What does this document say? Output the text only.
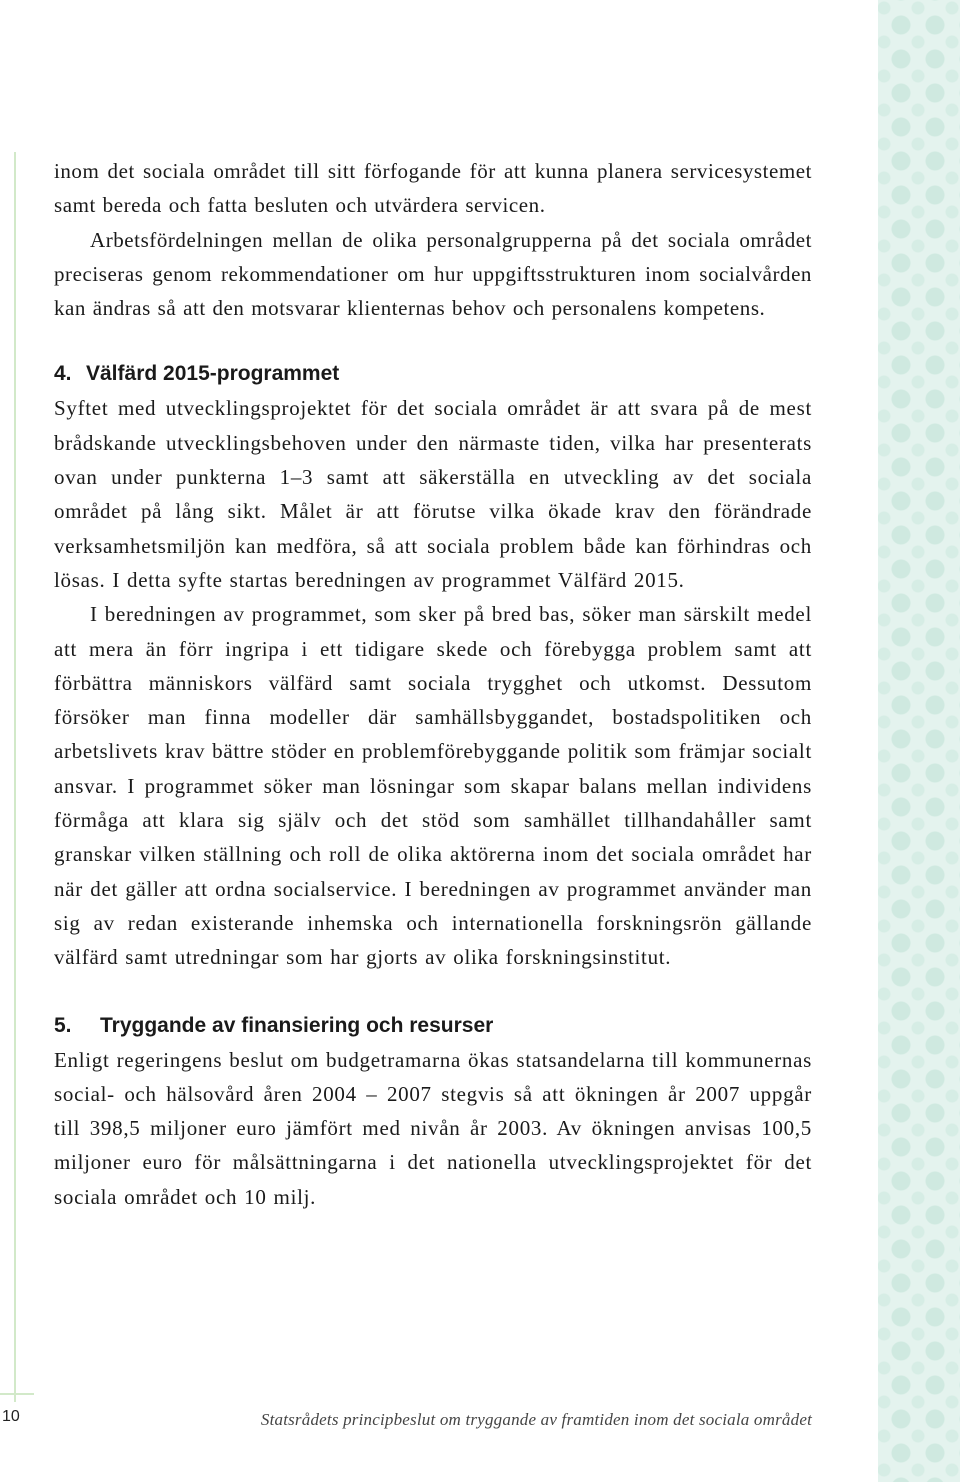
inom det sociala området till sitt förfogande för att kunna planera servicesystemet samt bereda och fatta besluten och utvärdera servicen.

Arbetsfördelningen mellan de olika personalgrupperna på det sociala området preciseras genom rekommendationer om hur uppgiftsstrukturen inom socialvården kan ändras så att den motsvarar klienternas behov och personalens kompetens.

4. Välfärd 2015-programmet

Syftet med utvecklingsprojektet för det sociala området är att svara på de mest brådskande utvecklingsbehoven under den närmaste tiden, vilka har presenterats ovan under punkterna 1–3 samt att säkerställa en utveckling av det sociala området på lång sikt. Målet är att förutse vilka ökade krav den förändrade verksamhetsmiljön kan medföra, så att sociala problem både kan förhindras och lösas. I detta syfte startas beredningen av programmet Välfärd 2015.

I beredningen av programmet, som sker på bred bas, söker man särskilt medel att mera än förr ingripa i ett tidigare skede och förebygga problem samt att förbättra människors välfärd samt sociala trygghet och utkomst. Dessutom försöker man finna modeller där samhällsbyggandet, bostadspolitiken och arbetslivets krav bättre stöder en problemförebyggande politik som främjar socialt ansvar. I programmet söker man lösningar som skapar balans mellan individens förmåga att klara sig själv och det stöd som samhället tillhandahåller samt granskar vilken ställning och roll de olika aktörerna inom det sociala området har när det gäller att ordna socialservice. I beredningen av programmet använder man sig av redan existerande inhemska och internationella forskningsrön gällande välfärd samt utredningar som har gjorts av olika forskningsinstitut.

5. Tryggande av finansiering och resurser

Enligt regeringens beslut om budgetramarna ökas statsandelarna till kommunernas social- och hälsovård åren 2004 – 2007 stegvis så att ökningen år 2007 uppgår till 398,5 miljoner euro jämfört med nivån år 2003. Av ökningen anvisas 100,5 miljoner euro för målsättningarna i det nationella utvecklingsprojektet för det sociala området och 10 milj.

10	Statsrådets principbeslut om tryggande av framtiden inom det sociala området
